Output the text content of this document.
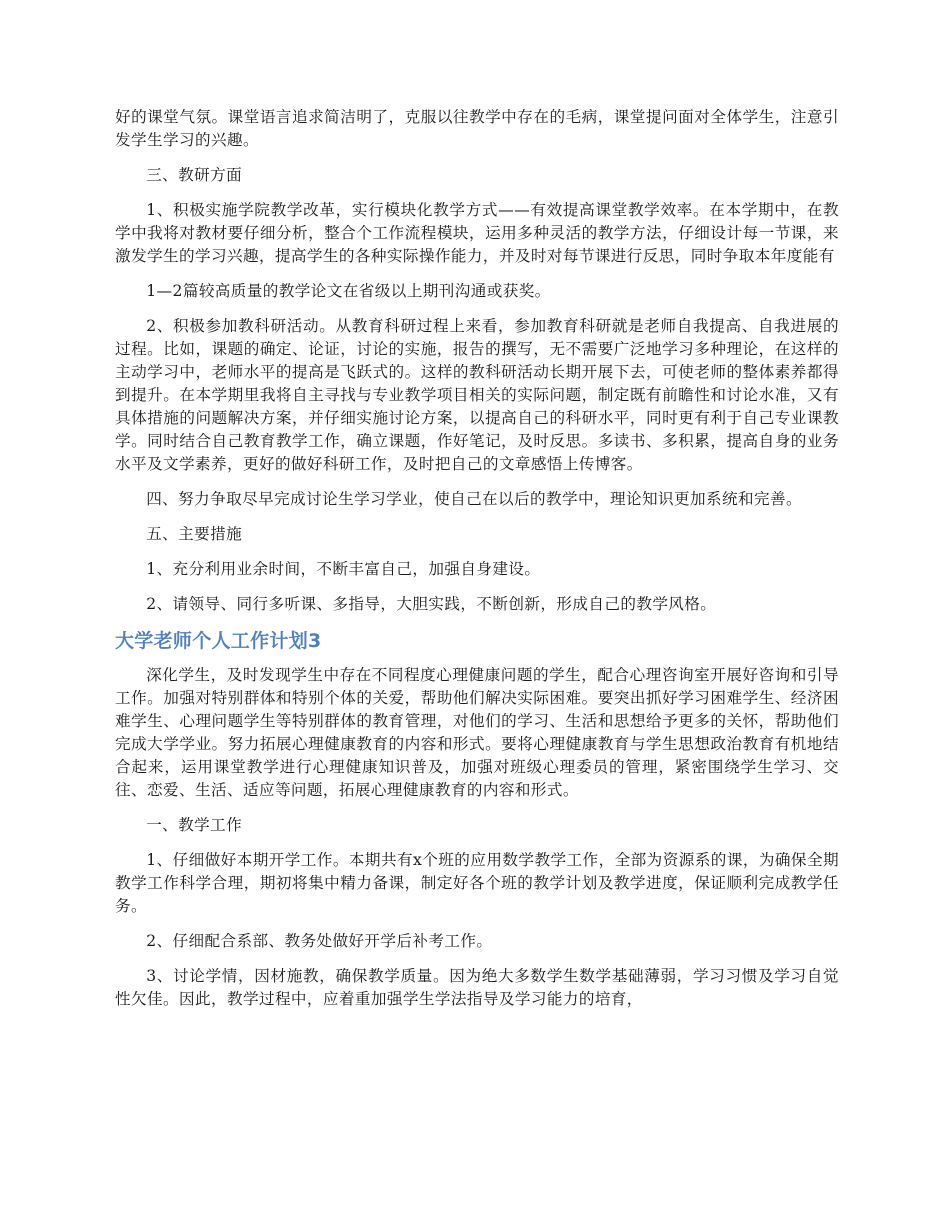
好的课堂气氛。课堂语言追求简洁明了，克服以往教学中存在的毛病，课堂提问面对全体学生，注意引发学生学习的兴趣。

三、教研方面

1、积极实施学院教学改革，实行模块化教学方式——有效提高课堂教学效率。在本学期中，在教学中我将对教材要仔细分析，整合个工作流程模块，运用多种灵活的教学方法，仔细设计每一节课，来激发学生的学习兴趣，提高学生的各种实际操作能力，并及时对每节课进行反思，同时争取本年度能有

1—2篇较高质量的教学论文在省级以上期刊沟通或获奖。

2、积极参加教科研活动。从教育科研过程上来看，参加教育科研就是老师自我提高、自我进展的过程。比如，课题的确定、论证，讨论的实施，报告的撰写，无不需要广泛地学习多种理论，在这样的主动学习中，老师水平的提高是飞跃式的。这样的教科研活动长期开展下去，可使老师的整体素养都得到提升。在本学期里我将自主寻找与专业教学项目相关的实际问题，制定既有前瞻性和讨论水准，又有具体措施的问题解决方案，并仔细实施讨论方案，以提高自己的科研水平，同时更有利于自己专业课教学。同时结合自己教育教学工作，确立课题，作好笔记，及时反思。多读书、多积累，提高自身的业务水平及文学素养，更好的做好科研工作，及时把自己的文章感悟上传博客。

四、努力争取尽早完成讨论生学习学业，使自己在以后的教学中，理论知识更加系统和完善。

五、主要措施

1、充分利用业余时间，不断丰富自己，加强自身建设。

2、请领导、同行多听课、多指导，大胆实践，不断创新，形成自己的教学风格。

大学老师个人工作计划3

深化学生，及时发现学生中存在不同程度心理健康问题的学生，配合心理咨询室开展好咨询和引导工作。加强对特别群体和特别个体的关爱，帮助他们解决实际困难。要突出抓好学习困难学生、经济困难学生、心理问题学生等特别群体的教育管理，对他们的学习、生活和思想给予更多的关怀，帮助他们完成大学学业。努力拓展心理健康教育的内容和形式。要将心理健康教育与学生思想政治教育有机地结合起来，运用课堂教学进行心理健康知识普及，加强对班级心理委员的管理，紧密围绕学生学习、交往、恋爱、生活、适应等问题，拓展心理健康教育的内容和形式。

一、教学工作

1、仔细做好本期开学工作。本期共有x个班的应用数学教学工作，全部为资源系的课，为确保全期教学工作科学合理，期初将集中精力备课，制定好各个班的教学计划及教学进度，保证顺利完成教学任务。

2、仔细配合系部、教务处做好开学后补考工作。

3、讨论学情，因材施教，确保教学质量。因为绝大多数学生数学基础薄弱，学习习惯及学习自觉性欠佳。因此，教学过程中，应着重加强学生学法指导及学习能力的培育，
